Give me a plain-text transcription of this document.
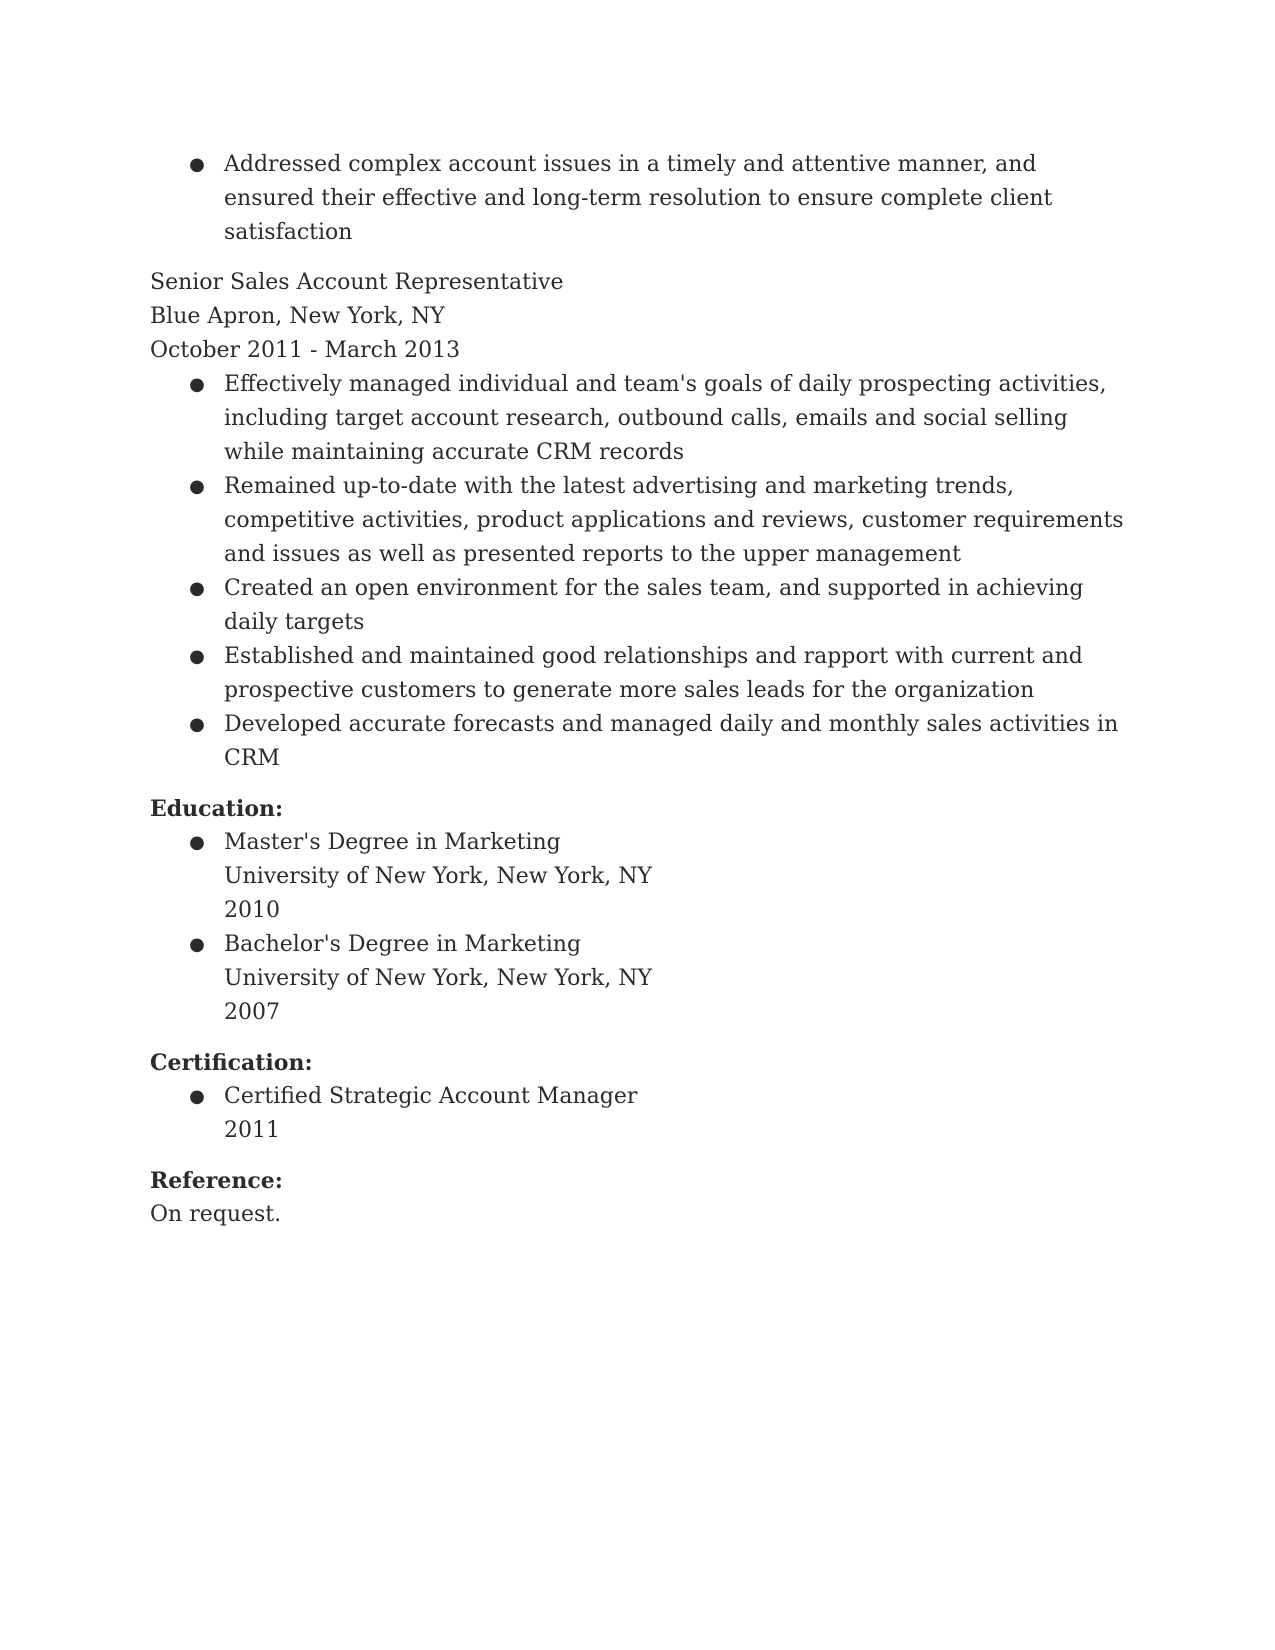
● Addressed complex account issues in a timely and attentive manner, and ensured their effective and long-term resolution to ensure complete client satisfaction
Senior Sales Account Representative
Blue Apron, New York, NY
October 2011 - March 2013
● Effectively managed individual and team's goals of daily prospecting activities, including target account research, outbound calls, emails and social selling while maintaining accurate CRM records
● Remained up-to-date with the latest advertising and marketing trends, competitive activities, product applications and reviews, customer requirements and issues as well as presented reports to the upper management
● Created an open environment for the sales team, and supported in achieving daily targets
● Established and maintained good relationships and rapport with current and prospective customers to generate more sales leads for the organization
● Developed accurate forecasts and managed daily and monthly sales activities in CRM
Education:
● Master's Degree in Marketing
University of New York, New York, NY
2010
● Bachelor's Degree in Marketing
University of New York, New York, NY
2007
Certification:
● Certified Strategic Account Manager
2011
Reference:
On request.
